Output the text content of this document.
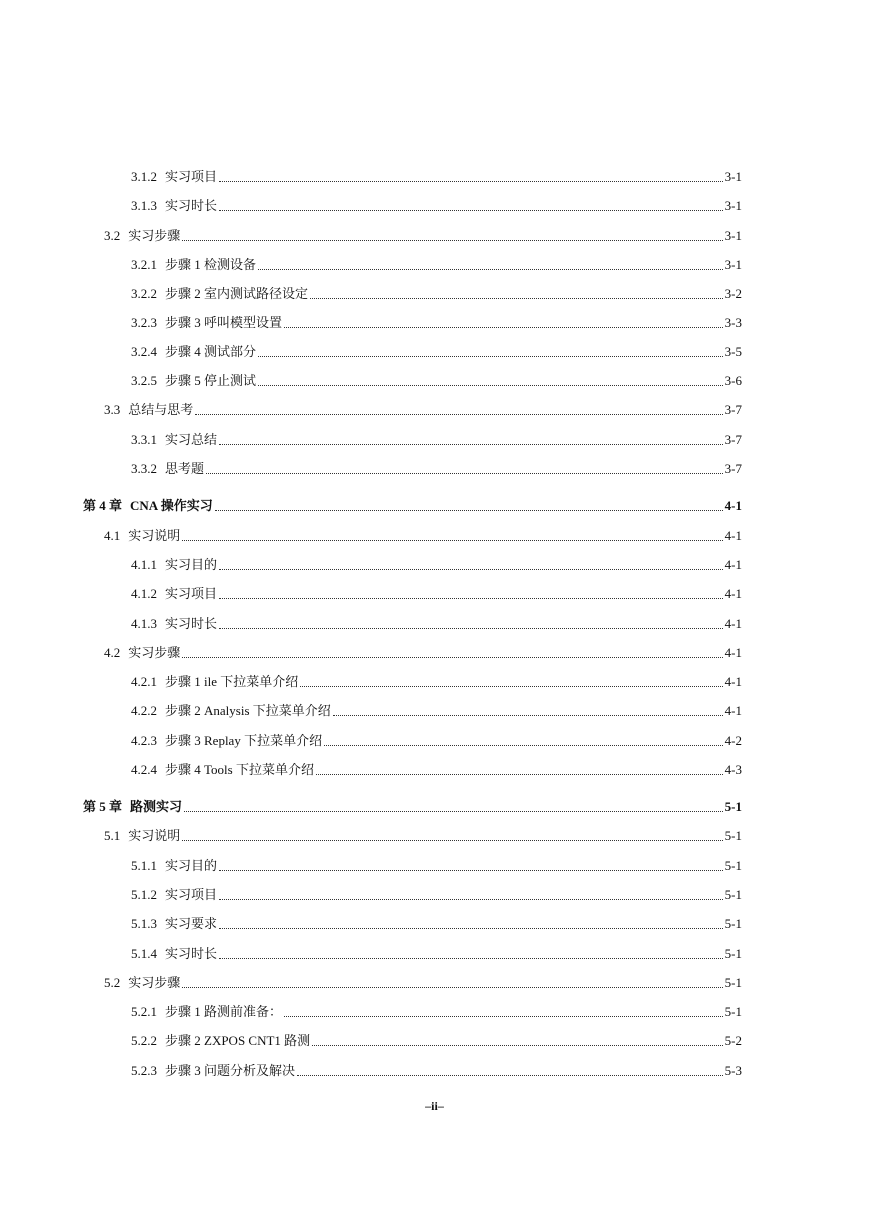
3.1.2 实习项目	3-1
3.1.3 实习时长	3-1
3.2 实习步骤	3-1
3.2.1 步骤 1 检测设备	3-1
3.2.2 步骤 2 室内测试路径设定	3-2
3.2.3 步骤 3 呼叫模型设置	3-3
3.2.4 步骤 4 测试部分	3-5
3.2.5 步骤 5 停止测试	3-6
3.3 总结与思考	3-7
3.3.1 实习总结	3-7
3.3.2 思考题	3-7
第 4 章 CNA 操作实习	4-1
4.1 实习说明	4-1
4.1.1 实习目的	4-1
4.1.2 实习项目	4-1
4.1.3 实习时长	4-1
4.2 实习步骤	4-1
4.2.1 步骤 1 ile 下拉菜单介绍	4-1
4.2.2 步骤 2 Analysis 下拉菜单介绍	4-1
4.2.3 步骤 3 Replay 下拉菜单介绍	4-2
4.2.4 步骤 4 Tools 下拉菜单介绍	4-3
第 5 章 路测实习	5-1
5.1 实习说明	5-1
5.1.1 实习目的	5-1
5.1.2 实习项目	5-1
5.1.3 实习要求	5-1
5.1.4 实习时长	5-1
5.2 实习步骤	5-1
5.2.1 步骤 1 路测前准备：	5-1
5.2.2 步骤 2 ZXPOS CNT1 路测	5-2
5.2.3 步骤 3 问题分析及解决	5-3
–ii–
